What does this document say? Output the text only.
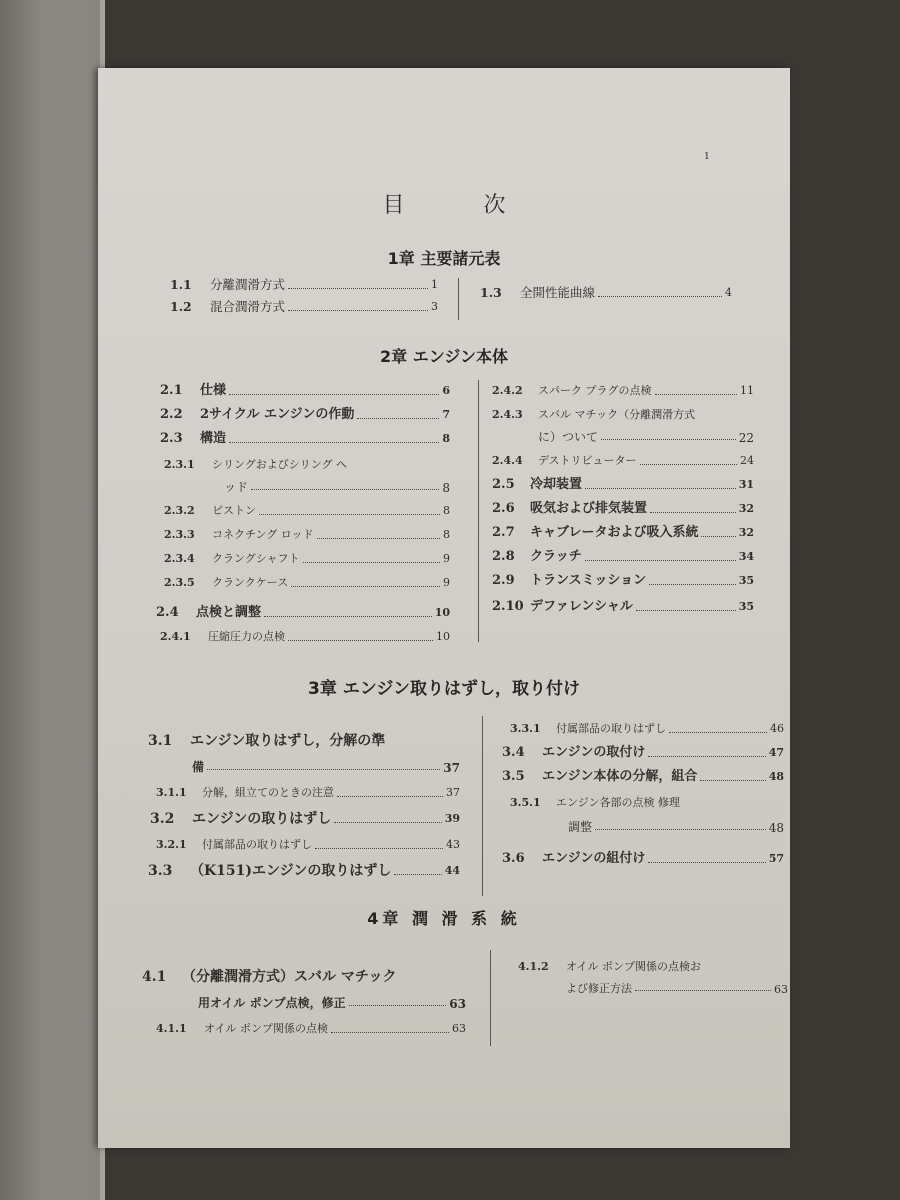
1
目 次
1章 主要諸元表
1.1	分離潤滑方式	1
1.2	混合潤滑方式	3
1.3	全開性能曲線	4
2章 エンジン本体
2.1	仕様	6
2.2	2サイクル エンジンの作動	7
2.3	構造	8
2.3.1	シリングおよびシリング ヘ
ッド	8
2.3.2	ピストン	8
2.3.3	コネクチング ロッド	8
2.3.4	クラングシャフト	9
2.3.5	クランクケース	9
2.4	点検と調整	10
2.4.1	圧縮圧力の点検	10
2.4.2	スパーク プラグの点検	11
2.4.3	スバル マチック（分離潤滑方式
に）ついて	22
2.4.4	デストリビューター	24
2.5	冷却装置	31
2.6	吸気および排気装置	32
2.7	キャブレータおよび吸入系統	32
2.8	クラッチ	34
2.9	トランスミッション	35
2.10 デファレンシャル	35
3章 エンジン取りはずし，取り付け
3.1	エンジン取りはずし，分解の準
備	37
3.1.1	分解，組立てのときの注意	37
3.2	エンジンの取りはずし	39
3.2.1	付属部品の取りはずし	43
3.3	（K151)エンジンの取りはずし	44
3.3.1	付属部品の取りはずし	46
3.4	エンジンの取付け	47
3.5	エンジン本体の分解，組合	48
3.5.1	エンジン各部の点検 修理
調整	48
3.6	エンジンの組付け	57
4章 潤 滑 系 統
4.1	（分離潤滑方式）スバル マチック
用オイル ポンプ点検，修正	63
4.1.1	オイル ポンプ関係の点検	63
4.1.2	オイル ポンプ関係の点検お
よび修正方法	63
